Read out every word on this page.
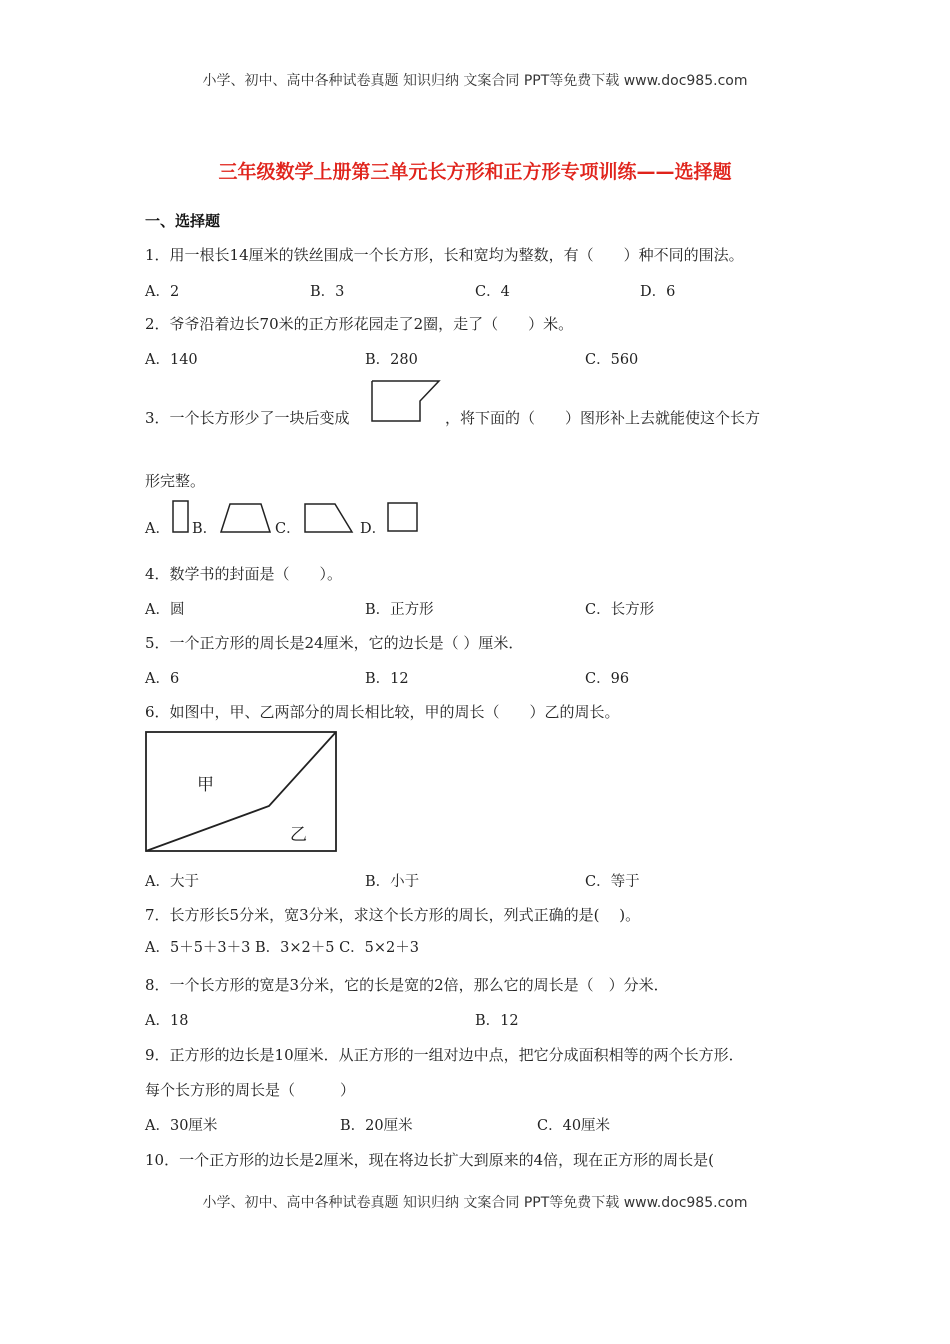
小学、初中、高中各种试卷真题 知识归纳 文案合同 PPT等免费下载 www.doc985.com
三年级数学上册第三单元长方形和正方形专项训练——选择题
一、选择题
1．用一根长14厘米的铁丝围成一个长方形，长和宽均为整数，有（　　）种不同的围法。
A．2	B．3	C．4	D．6
2．爷爷沿着边长70米的正方形花园走了2圈，走了（　　）米。
A．140	B．280	C．560
3．一个长方形少了一块后变成	，将下面的（　　）图形补上去就能使这个长方
形完整。
A． B．	C．	D．
4．数学书的封面是（　　）。
A．圆	B．正方形	C．长方形
5．一个正方形的周长是24厘米，它的边长是（ ）厘米．
A．6	B．12	C．96
6．如图中，甲、乙两部分的周长相比较，甲的周长（　　）乙的周长。
甲
乙
A．大于	B．小于	C．等于
7．长方形长5分米，宽3分米，求这个长方形的周长，列式正确的是(　 )。
A．5＋5＋3＋3 B．3×2＋5 C．5×2＋3
8．一个长方形的宽是3分米，它的长是宽的2倍，那么它的周长是（　）分米．
A．18	B．12
9．正方形的边长是10厘米．从正方形的一组对边中点，把它分成面积相等的两个长方形．
每个长方形的周长是（　　　）
A．30厘米	B．20厘米	C．40厘米
10．一个正方形的边长是2厘米，现在将边长扩大到原来的4倍，现在正方形的周长是(
小学、初中、高中各种试卷真题 知识归纳 文案合同 PPT等免费下载 www.doc985.com
